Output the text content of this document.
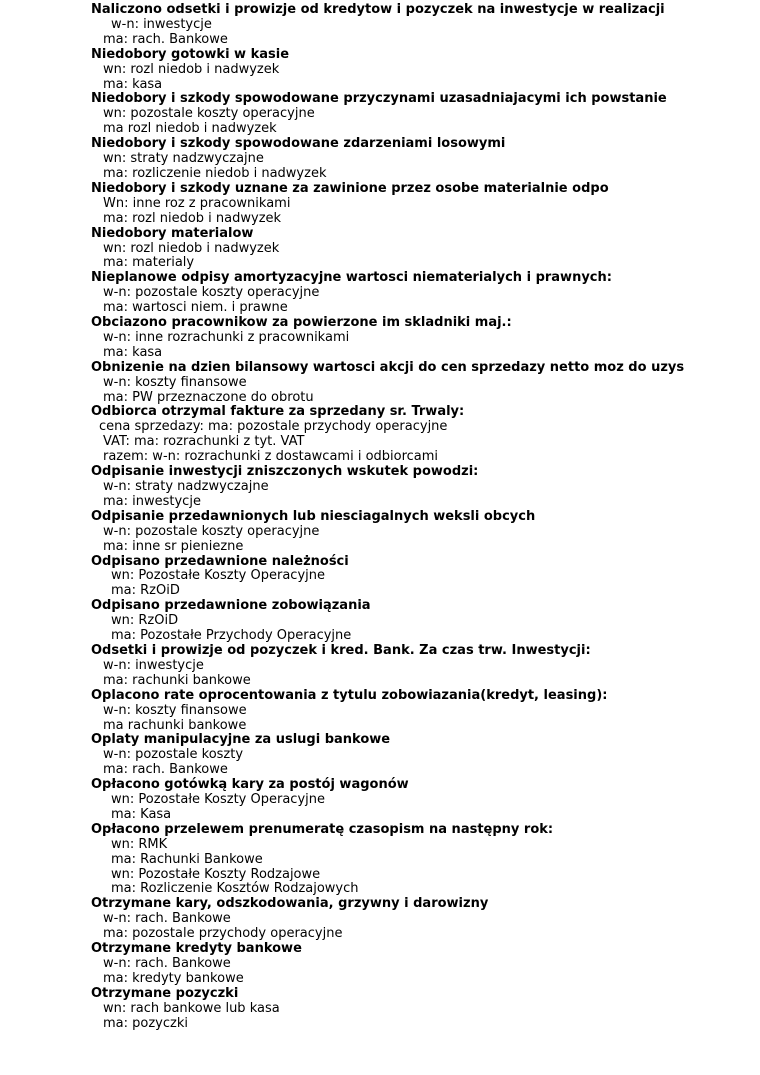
Naliczono odsetki i prowizje od kredytow i pozyczek na inwestycje w realizacji
w-n: inwestycje
ma: rach. Bankowe
Niedobory gotowki w kasie
wn: rozl niedob i nadwyzek
ma: kasa
Niedobory i szkody spowodowane przyczynami uzasadniajacymi ich powstanie
wn: pozostale koszty operacyjne
ma rozl niedob i nadwyzek
Niedobory i szkody spowodowane zdarzeniami losowymi
wn: straty nadzwyczajne
ma: rozliczenie niedob i nadwyzek
Niedobory i szkody uznane za zawinione przez osobe materialnie odpo
Wn: inne roz z pracownikami
ma: rozl niedob i nadwyzek
Niedobory materialow
wn: rozl niedob i nadwyzek
ma: materialy
Nieplanowe odpisy amortyzacyjne wartosci niematerialych i prawnych:
w-n: pozostale koszty operacyjne
ma: wartosci niem. i prawne
Obciazono pracownikow za powierzone im skladniki maj.:
w-n: inne rozrachunki z pracownikami
ma: kasa
Obnizenie na dzien bilansowy wartosci akcji do cen sprzedazy netto moz do uzys
w-n: koszty finansowe
ma: PW przeznaczone do obrotu
Odbiorca otrzymal fakture za sprzedany sr. Trwaly:
cena sprzedazy: ma: pozostale przychody operacyjne
VAT: ma: rozrachunki z tyt. VAT
razem: w-n: rozrachunki z dostawcami i odbiorcami
Odpisanie inwestycji zniszczonych wskutek powodzi:
w-n: straty nadzwyczajne
ma: inwestycje
Odpisanie przedawnionych lub niesciagalnych weksli obcych
w-n: pozostale koszty operacyjne
ma: inne sr pieniezne
Odpisano przedawnione należności
wn: Pozostałe Koszty Operacyjne
ma: RzOiD
Odpisano przedawnione zobowiązania
wn: RzOiD
ma: Pozostałe Przychody Operacyjne
Odsetki i prowizje od pozyczek i kred. Bank. Za czas trw. Inwestycji:
w-n: inwestycje
ma: rachunki bankowe
Oplacono rate oprocentowania z tytulu zobowiazania(kredyt, leasing):
w-n: koszty finansowe
ma rachunki bankowe
Oplaty manipulacyjne za uslugi bankowe
w-n: pozostale koszty
ma: rach. Bankowe
Opłacono gotówką kary za postój wagonów
wn: Pozostałe Koszty Operacyjne
ma: Kasa
Opłacono przelewem prenumeratę czasopism na następny rok:
wn: RMK
ma: Rachunki Bankowe
wn: Pozostałe Koszty Rodzajowe
ma: Rozliczenie Kosztów Rodzajowych
Otrzymane kary, odszkodowania, grzywny i darowizny
w-n: rach. Bankowe
ma: pozostale przychody operacyjne
Otrzymane kredyty bankowe
w-n: rach. Bankowe
ma: kredyty bankowe
Otrzymane pozyczki
wn: rach bankowe lub kasa
ma: pozyczki
